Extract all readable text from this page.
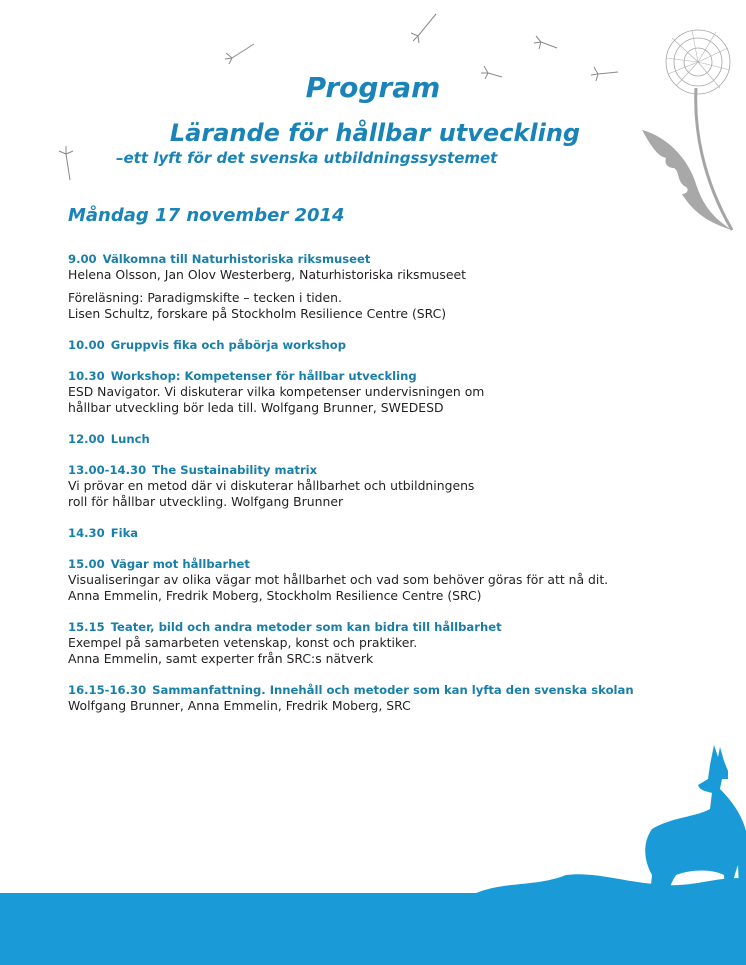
Program
Lärande för hållbar utveckling
–ett lyft för det svenska utbildningssystemet
Måndag 17 november 2014
9.00 Välkomna till Naturhistoriska riksmuseet
Helena Olsson, Jan Olov Westerberg, Naturhistoriska riksmuseet
Föreläsning: Paradigmskifte – tecken i tiden.
Lisen Schultz, forskare på Stockholm Resilience Centre (SRC)
10.00 Gruppvis fika och påbörja workshop
10.30 Workshop: Kompetenser för hållbar utveckling
ESD Navigator. Vi diskuterar vilka kompetenser undervisningen om
hållbar utveckling bör leda till. Wolfgang Brunner, SWEDESD
12.00 Lunch
13.00-14.30 The Sustainability matrix
Vi prövar en metod där vi diskuterar hållbarhet och utbildningens
roll för hållbar utveckling. Wolfgang Brunner
14.30 Fika
15.00 Vägar mot hållbarhet
Visualiseringar av olika vägar mot hållbarhet och vad som behöver göras för att nå dit.
Anna Emmelin, Fredrik Moberg, Stockholm Resilience Centre (SRC)
15.15 Teater, bild och andra metoder som kan bidra till hållbarhet
Exempel på samarbeten vetenskap, konst och praktiker.
Anna Emmelin, samt experter från SRC:s nätverk
16.15-16.30 Sammanfattning. Innehåll och metoder som kan lyfta den svenska skolan
Wolfgang Brunner, Anna Emmelin, Fredrik Moberg, SRC
